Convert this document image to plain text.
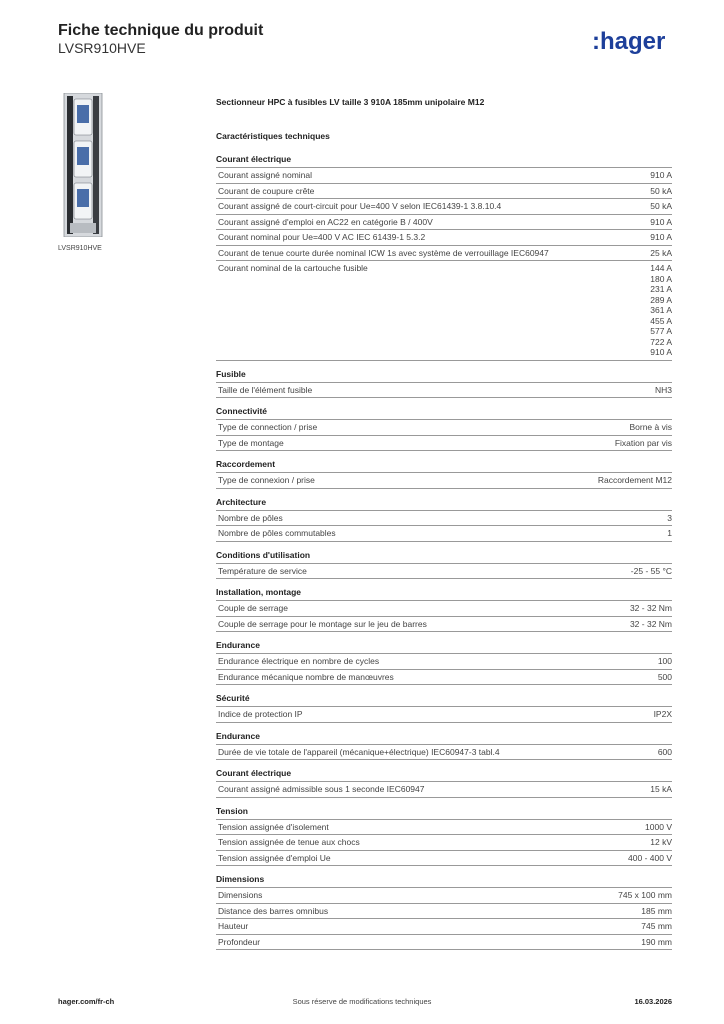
Fiche technique du produit
LVSR910HVE	:hager
LVSR910HVE
Sectionneur HPC à fusibles LV taille 3 910A 185mm unipolaire M12
Caractéristiques techniques
Courant électrique
Courant assigné nominal	910 A
Courant de coupure crête	50 kA
Courant assigné de court-circuit pour Ue=400 V selon IEC61439-1 3.8.10.4	50 kA
Courant assigné d'emploi en AC22 en catégorie B / 400V	910 A
Courant nominal pour Ue=400 V AC IEC 61439-1 5.3.2	910 A
Courant de tenue courte durée nominal ICW 1s avec système de verrouillage IEC60947	25 kA
Courant nominal de la cartouche fusible	144 A
180 A
231 A
289 A
361 A
455 A
577 A
722 A
910 A
Fusible
Taille de l'élément fusible	NH3
Connectivité
Type de connection / prise	Borne à vis
Type de montage	Fixation par vis
Raccordement
Type de connexion / prise	Raccordement M12
Architecture
Nombre de pôles	3
Nombre de pôles commutables	1
Conditions d'utilisation
Température de service	-25 - 55 °C
Installation, montage
Couple de serrage	32 - 32 Nm
Couple de serrage pour le montage sur le jeu de barres	32 - 32 Nm
Endurance
Endurance électrique en nombre de cycles	100
Endurance mécanique nombre de manœuvres	500
Sécurité
Indice de protection IP	IP2X
Endurance
Durée de vie totale de l'appareil (mécanique+électrique) IEC60947-3 tabl.4	600
Courant électrique
Courant assigné admissible sous 1 seconde IEC60947	15 kA
Tension
Tension assignée d'isolement	1000 V
Tension assignée de tenue aux chocs	12 kV
Tension assignée d'emploi Ue	400 - 400 V
Dimensions
Dimensions	745 x 100 mm
Distance des barres omnibus	185 mm
Hauteur	745 mm
Profondeur	190 mm
hager.com/fr-ch	Sous réserve de modifications techniques	16.03.2026
